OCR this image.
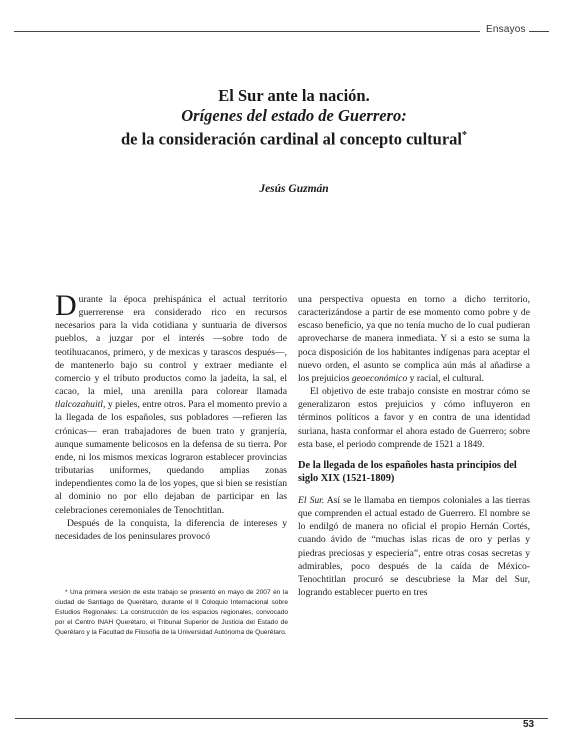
Ensayos
El Sur ante la nación.
Orígenes del estado de Guerrero:
de la consideración cardinal al concepto cultural*
Jesús Guzmán

Durante la época prehispánica el actual territorio guerrerense era considerado rico en recursos necesarios para la vida cotidiana y suntuaria de diversos pueblos, a juzgar por el interés —sobre todo de teotihuacanos, primero, y de mexicas y tarascos después—, de mantenerlo bajo su control y extraer mediante el comercio y el tributo productos como la jadeíta, la sal, el cacao, la miel, una arenilla para colorear llamada tlalcozahuitl, y pieles, entre otros. Para el momento previo a la llegada de los españoles, sus pobladores —refieren las crónicas— eran trabajadores de buen trato y granjería, aunque sumamente belicosos en la defensa de su tierra. Por ende, ni los mismos mexicas lograron establecer provincias tributarias uniformes, quedando amplias zonas independientes como la de los yopes, que si bien se resistían al dominio no por ello dejaban de participar en las celebraciones ceremoniales de Tenochtitlan.

Después de la conquista, la diferencia de intereses y necesidades de los peninsulares provocó

* Una primera versión de este trabajo se presentó en mayo de 2007 en la ciudad de Santiago de Querétaro, durante el II Coloquio Internacional sobre Estudios Regionales: La construcción de los espacios regionales, convocado por el Centro INAH Querétaro, el Tribunal Superior de Justicia del Estado de Querétaro y la Facultad de Filosofía de la Universidad Autónoma de Querétaro.

una perspectiva opuesta en torno a dicho territorio, caracterizándose a partir de ese momento como pobre y de escaso beneficio, ya que no tenía mucho de lo cual pudieran aprovecharse de manera inmediata. Y si a esto se suma la poca disposición de los habitantes indígenas para aceptar el nuevo orden, el asunto se complica aún más al añadirse a los prejuicios geoeconómico y racial, el cultural.

El objetivo de este trabajo consiste en mostrar cómo se generalizaron estos prejuicios y cómo influyeron en términos políticos a favor y en contra de una identidad suriana, hasta conformar el ahora estado de Guerrero; sobre esta base, el periodo comprende de 1521 a 1849.

De la llegada de los españoles hasta principios del siglo XIX (1521-1809)

El Sur. Así se le llamaba en tiempos coloniales a las tierras que comprenden el actual estado de Guerrero. El nombre se lo endilgó de manera no oficial el propio Hernán Cortés, cuando ávido de “muchas islas ricas de oro y perlas y piedras preciosas y especiería”, entre otras cosas secretas y admirables, poco después de la caída de México-Tenochtitlan procuró se descubriese la Mar del Sur, logrando establecer puerto en tres

53
